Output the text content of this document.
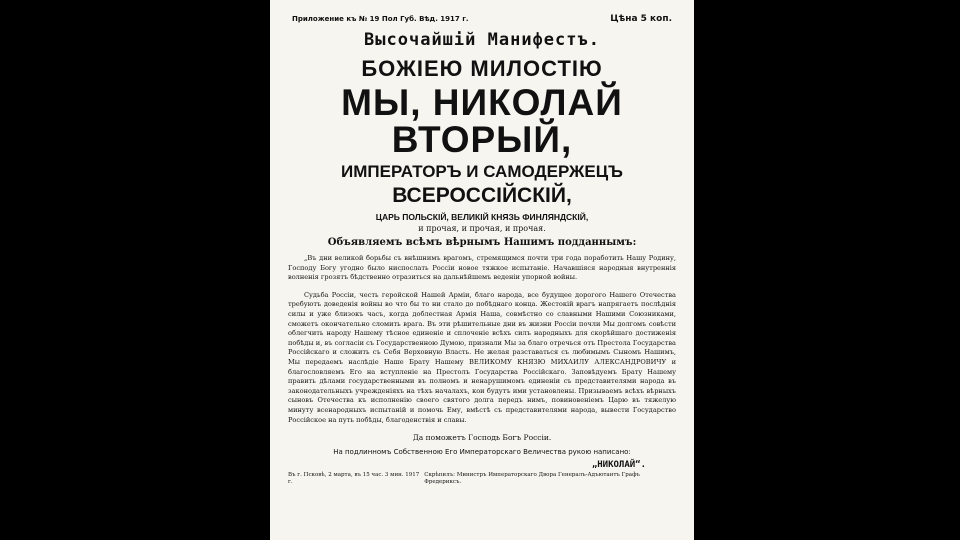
Приложение къ № 19 Пол Губ. Вѣд. 1917 г.	Цѣна 5 коп.
Высочайшій Манифестъ.
БОЖІЕЮ МИЛОСТІЮ
МЫ, НИКОЛАЙ ВТОРЫЙ,
ИМПЕРАТОРЪ И САМОДЕРЖЕЦЪ
ВСЕРОССІЙСКІЙ,
ЦАРЬ ПОЛЬСКІЙ, ВЕЛИКІЙ КНЯЗЬ ФИНЛЯНДСКІЙ,
и прочая, и прочая, и прочая.
Объявляемъ всѣмъ вѣрнымъ Нашимъ подданнымъ:

„Въ дни великой борьбы съ внѣшнимъ врагомъ, стремящимся почти три года поработить Нашу Родину, Господу Богу угодно было ниспослать Россіи новое тяжкое испытаніе. Начавшіяся народныя внутреннія волненія грозятъ бѣдственно отразиться на дальнѣйшемъ веденіи упорной войны.

Судьба Россіи, честь геройской Нашей Арміи, благо народа, все будущее дорогого Нашего Отечества требуютъ доведенія войны во что бы то ни стало до побѣднаго конца. Жестокій врагъ напрягаетъ послѣднія силы и уже близокъ часъ, когда доблестная Армія Наша, совмѣстно со славными Нашими Союзниками, сможетъ окончательно сломить врага. Въ эти рѣшительные дни въ жизни Россіи почли Мы долгомъ совѣсти облегчить народу Нашему тѣсное единеніе и сплоченіе всѣхъ силъ народныхъ для скорѣйшаго достиженія побѣды и, въ согласіи съ Государственною Думою, признали Мы за благо отречься отъ Престола Государства Россійскаго и сложить съ Себя Верховную Власть. Не желая разставаться съ любимымъ Сыномъ Нашимъ, Мы передаемъ наслѣдіе Наше Брату Нашему ВЕЛИКОМУ КНЯЗЮ МИХАИЛУ АЛЕКСАНДРОВИЧУ и благословляемъ Его на вступленіе на Престолъ Государства Россійскаго. Заповѣдуемъ Брату Нашему править дѣлами государственными въ полномъ и ненарушимомъ единеніи съ представителями народа въ законодательныхъ учрежденіяхъ на тѣхъ началахъ, кои будутъ ими установлены. Призываемъ всѣхъ вѣрныхъ сыновъ Отечества къ исполненію своего святого долга передъ нимъ, повиновеніемъ Царю въ тяжелую минуту всенародныхъ испытаній и помочь Ему, вмѣстѣ съ представителями народа, вывести Государство Россійское на путь побѣды, благоденствія и славы.

Да поможетъ Господь Богъ Россіи.
На подлинномъ Собственною Его Императорскаго Величества рукою написано:
„НИКОЛАЙ“.
Въ г. Псковѣ, 2 марта, въ 15 час. 3 мин. 1917 г.
Скрѣпилъ: Министръ Императорскаго Двора Генералъ-Адъютантъ Графъ Фредерикcъ.
